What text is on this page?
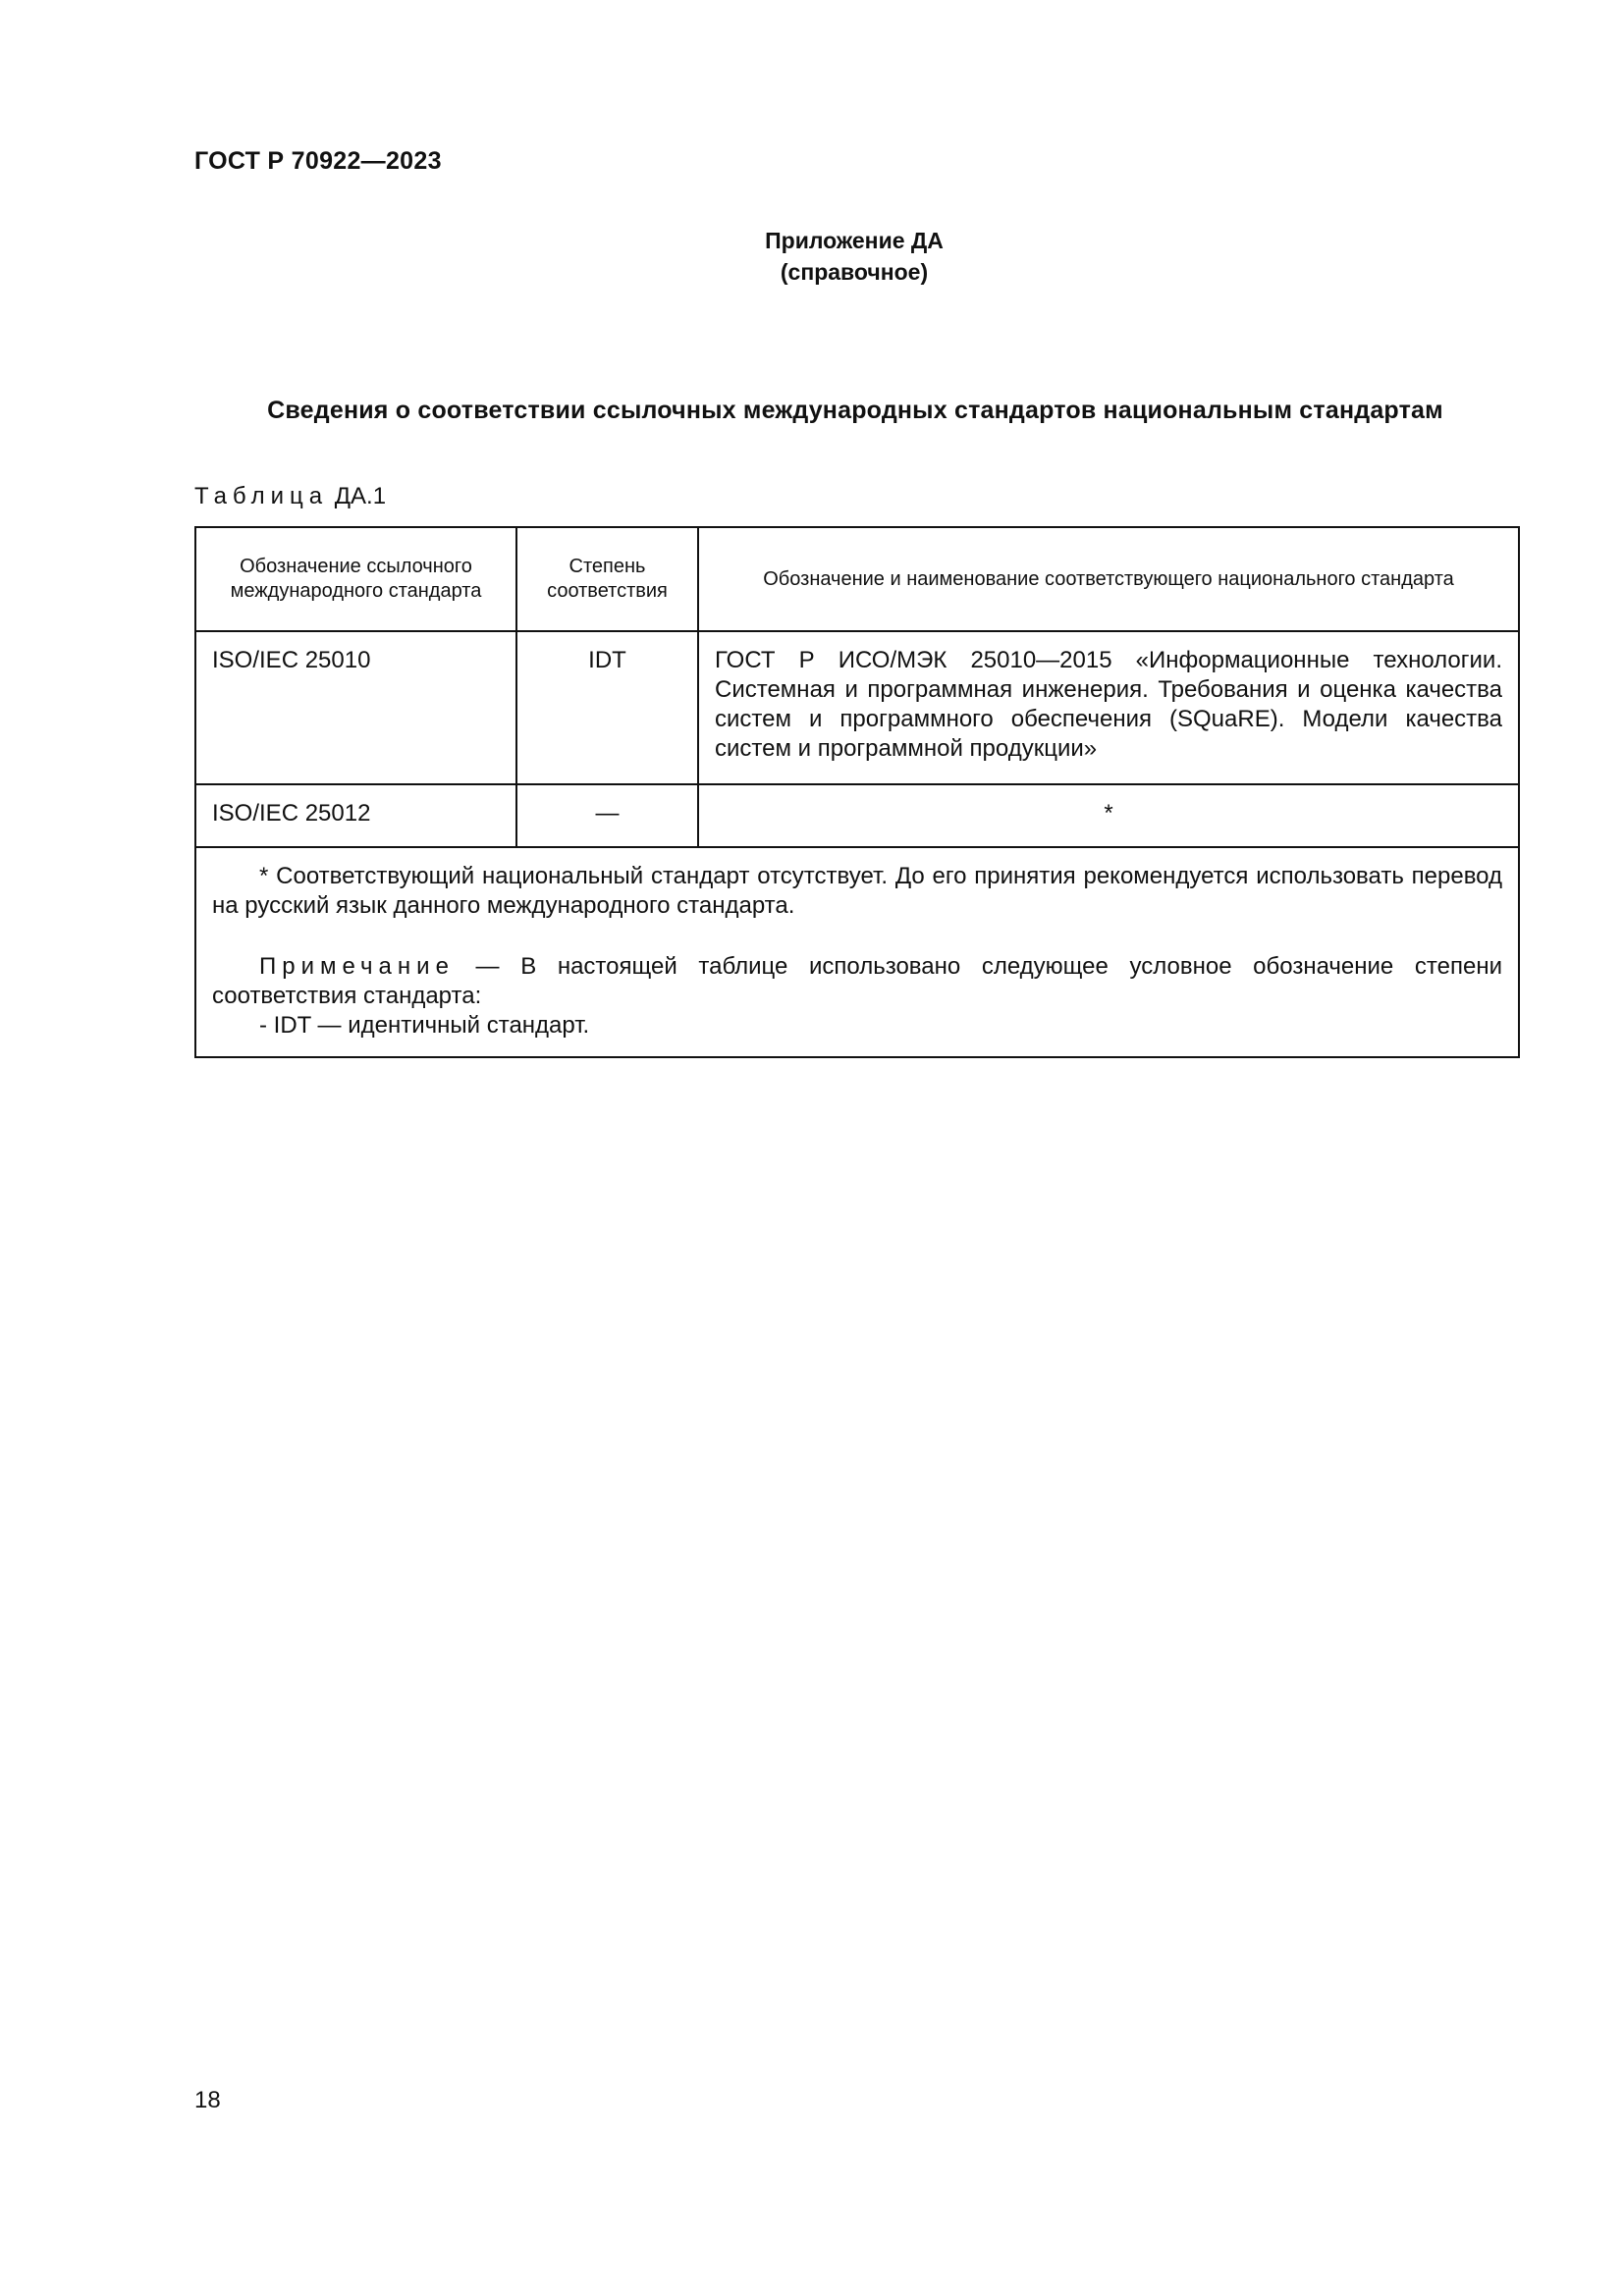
ГОСТ Р 70922—2023
Приложение ДА
(справочное)
Сведения о соответствии ссылочных международных стандартов национальным стандартам
Таблица ДА.1
Обозначение ссылочного международного стандарта	Степень соответствия	Обозначение и наименование соответствующего национального стандарта

ISO/IEC 25010	IDT	ГОСТ Р ИСО/МЭК 25010—2015 «Информационные технологии. Системная и программная инженерия. Требования и оценка качества систем и программного обеспечения (SQuaRE). Модели качества систем и программной продукции»

ISO/IEC 25012	—	*

* Соответствующий национальный стандарт отсутствует. До его принятия рекомендуется использовать перевод на русский язык данного международного стандарта.

Примечание — В настоящей таблице использовано следующее условное обозначение степени соответствия стандарта:

- IDT — идентичный стандарт.		

18
